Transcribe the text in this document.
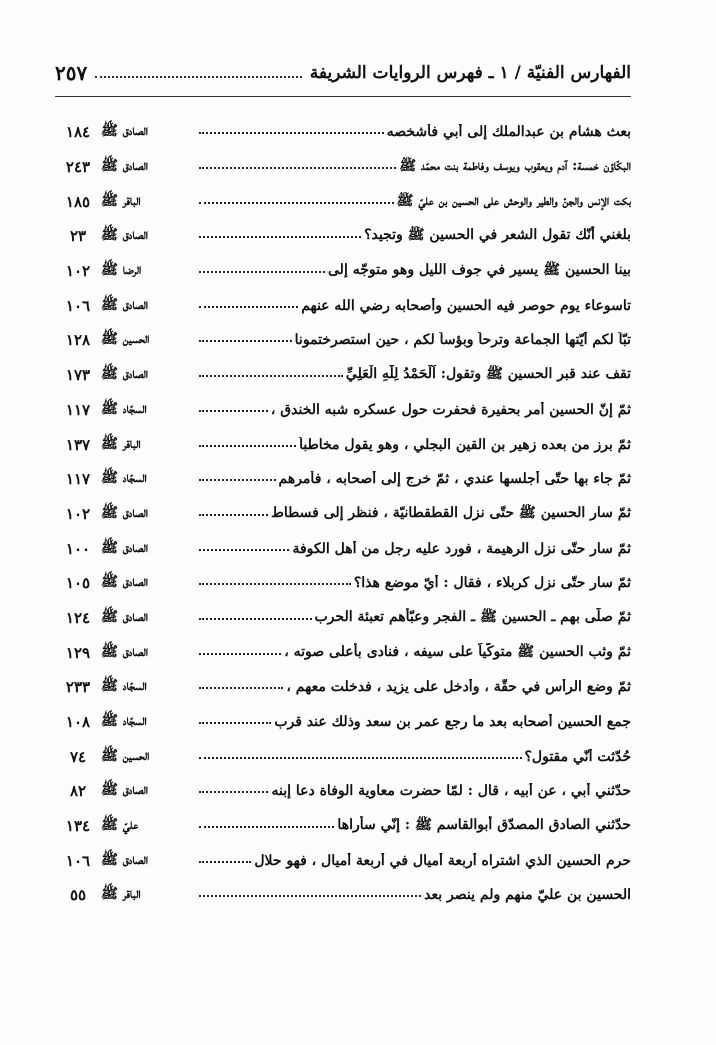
الفهارس الفنيّة / ١ ـ فهرس الروايات الشريفة
٢٥٧
بعث هشام بن عبدالملك إلى أبي فأشخصه
الصادق ﷺ
١٨٤
البكّاؤن خمسة: آدم ويعقوب ويوسف وفاطمة بنت محمّد ﷺ
الصادق ﷺ
٢٤٣
بكت الإنس والجنّ والطير والوحش على الحسين بن عليّ ﷺ
الباقر ﷺ
١٨٥
بلغني أنّك تقول الشعر في الحسين ﷺ وتجيد؟
الصادق ﷺ
٢٣
بينا الحسين ﷺ يسير في جوف الليل وهو متوجّه إلى
الرضا ﷺ
١٠٢
تاسوعاء يوم حوصر فيه الحسين وأصحابه رضي الله عنهم
الصادق ﷺ
١٠٦
تبّاً لكم أيّتها الجماعة وترحاً وبؤساً لكم ، حين استصرختمونا
الحسين ﷺ
١٢٨
تقف عند قبر الحسين ﷺ وتقول: اَلْحَمْدُ لِلّٰهِ الْعَلِيِّ
الصادق ﷺ
١٧٣
ثمّ إنّ الحسين أمر بحفيرة فحفرت حول عسكره شبه الخندق ،
السجّاد ﷺ
١١٧
ثمّ برز من بعده زهير بن القين البجلي ، وهو يقول مخاطباً
الباقر ﷺ
١٣٧
ثمّ جاء بها حتّى أجلسها عندي ، ثمّ خرج إلى أصحابه ، فأمرهم
السجّاد ﷺ
١١٧
ثمّ سار الحسين ﷺ حتّى نزل القطقطانيّة ، فنظر إلى فسطاط
الصادق ﷺ
١٠٢
ثمّ سار حتّى نزل الرهيمة ، فورد عليه رجل من أهل الكوفة
الصادق ﷺ
١٠٠
ثمّ سار حتّى نزل كربلاء ، فقال : أيّ موضع هذا؟
الصادق ﷺ
١٠٥
ثمّ صلّى بهم ـ الحسين ﷺ ـ الفجر وعبّأهم تعبئة الحرب
الصادق ﷺ
١٢٤
ثمّ وثب الحسين ﷺ متوكّياً على سيفه ، فنادى بأعلى صوته ،
الصادق ﷺ
١٢٩
ثمّ وضع الرأس في حقّة ، وأُدخل على يزيد ، فدخلت معهم ،
السجّاد ﷺ
٢٣٣
جمع الحسين أصحابه بعد ما رجع عمر بن سعد وذلك عند قرب
السجّاد ﷺ
١٠٨
حُدّثت أنّي مقتول؟
الحسين ﷺ
٧٤
حدّثني أبي ، عن أبيه ، قال : لمّا حضرت معاوية الوفاة دعا إبنه
الصادق ﷺ
٨٢
حدّثني الصادق المصدّق أبوالقاسم ﷺ : إنّي سأراها
عليّ ﷺ
١٣٤
حرم الحسين الذي اشتراه أربعة أميال في أربعة أميال ، فهو حلال
الصادق ﷺ
١٠٦
الحسين بن عليّ منهم ولم ينصر بعد
الباقر ﷺ
٥٥
